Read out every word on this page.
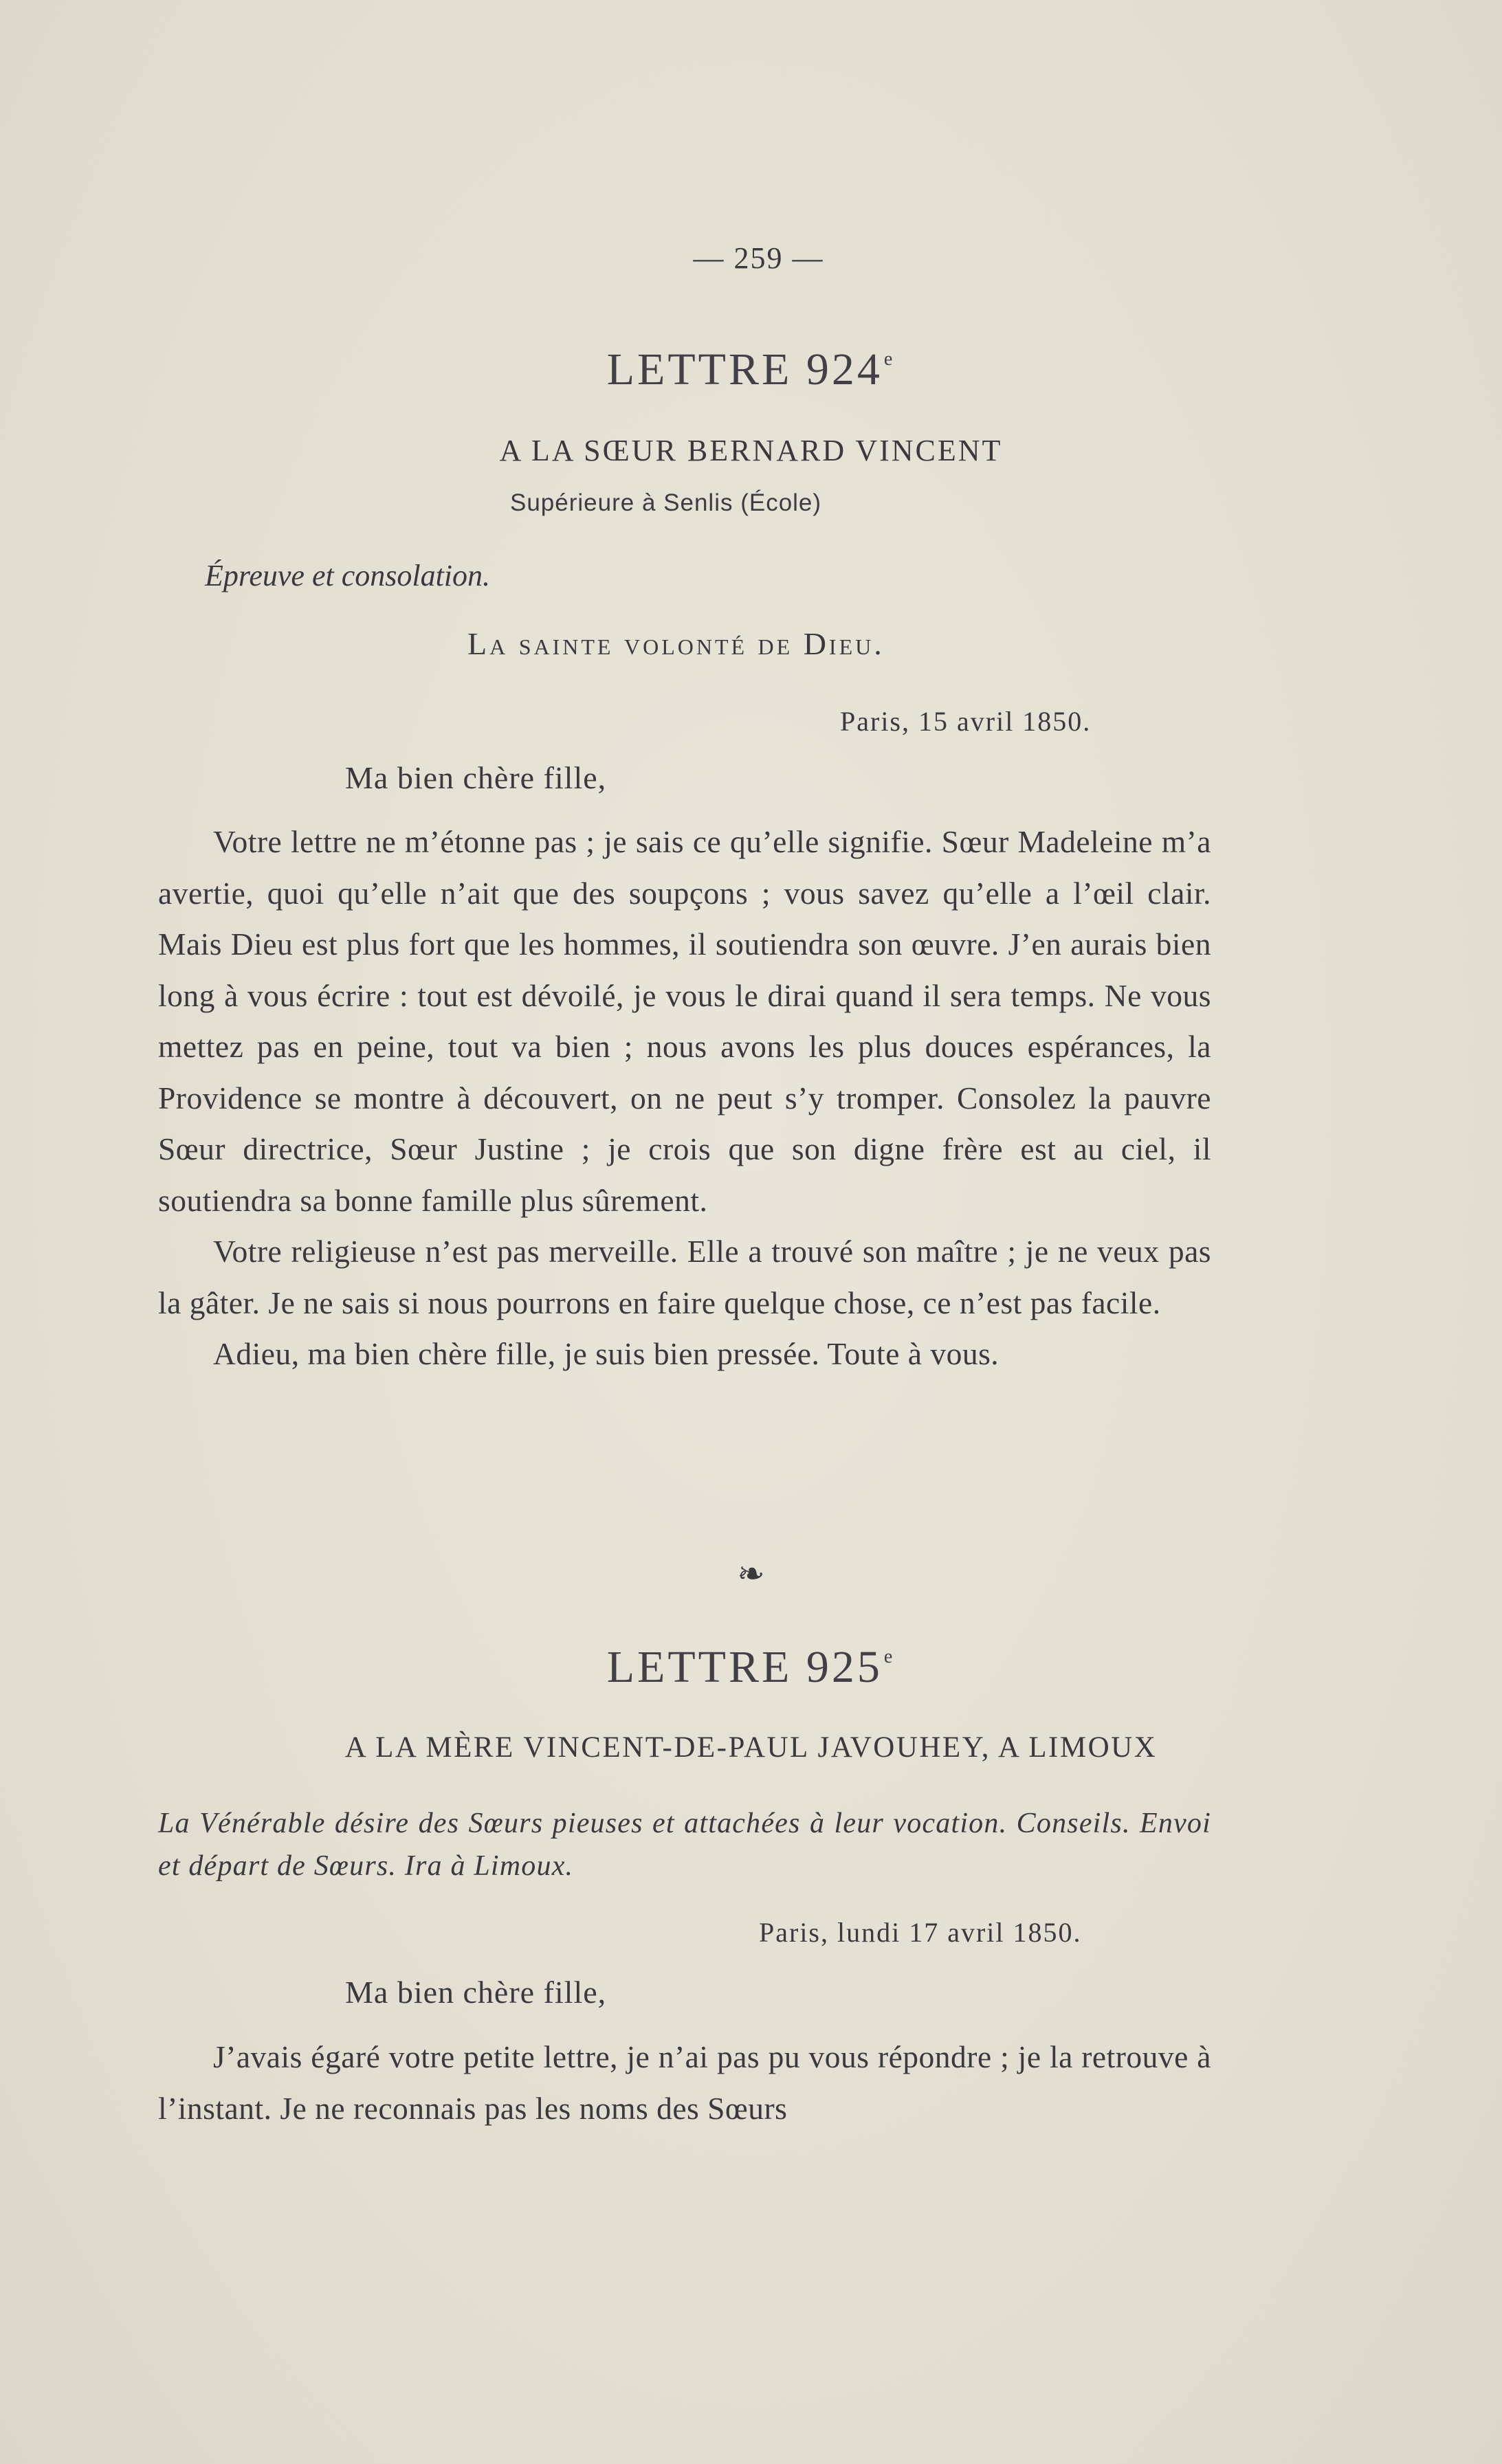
— 259 —
LETTRE 924e
A LA SŒUR BERNARD VINCENT
Supérieure à Senlis (École)
Épreuve et consolation.
La sainte volonté de Dieu.
Paris, 15 avril 1850.
Ma bien chère fille,

Votre lettre ne m’étonne pas ; je sais ce qu’elle signifie. Sœur Madeleine m’a avertie, quoi qu’elle n’ait que des soupçons ; vous savez qu’elle a l’œil clair. Mais Dieu est plus fort que les hommes, il soutiendra son œuvre. J’en aurais bien long à vous écrire : tout est dévoilé, je vous le dirai quand il sera temps. Ne vous mettez pas en peine, tout va bien ; nous avons les plus douces espérances, la Providence se montre à découvert, on ne peut s’y tromper. Consolez la pauvre Sœur directrice, Sœur Justine ; je crois que son digne frère est au ciel, il soutiendra sa bonne famille plus sûrement.

Votre religieuse n’est pas merveille. Elle a trouvé son maître ; je ne veux pas la gâter. Je ne sais si nous pourrons en faire quelque chose, ce n’est pas facile.

Adieu, ma bien chère fille, je suis bien pressée. Toute à vous.

❧
LETTRE 925e
A LA MÈRE VINCENT-DE-PAUL JAVOUHEY, A LIMOUX
La Vénérable désire des Sœurs pieuses et attachées à leur vocation. Conseils. Envoi et départ de Sœurs. Ira à Limoux.
Paris, lundi 17 avril 1850.
Ma bien chère fille,

J’avais égaré votre petite lettre, je n’ai pas pu vous répondre ; je la retrouve à l’instant. Je ne reconnais pas les noms des Sœurs
